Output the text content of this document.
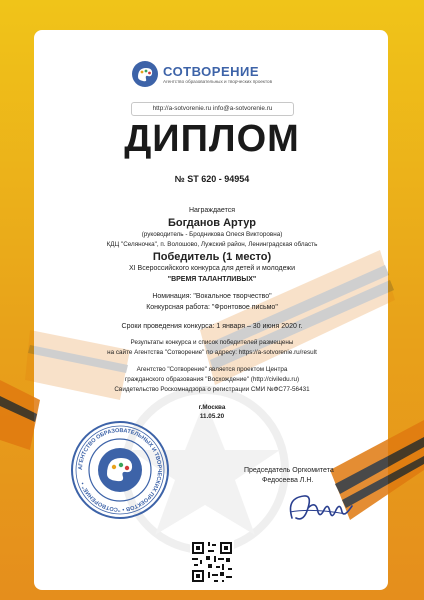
СОТВОРЕНИЕ
Агентство образовательных и творческих проектов
http://a-sotvorenie.ru info@a-sotvorenie.ru
ДИПЛОМ
№ ST 620 - 94954
Награждается
Богданов Артур
(руководитель - Бродникова Олеся Викторовна)
КДЦ "Селяночка", п. Волошово, Лужский район, Ленинградская область
Победитель (1 место)
XI Всероссийского конкурса для детей и молодежи
"ВРЕМЯ ТАЛАНТЛИВЫХ"
Номинация: "Вокальное творчество"
Конкурсная работа: "Фронтовое письмо"
Сроки проведения конкурса: 1 января – 30 июня 2020 г.
Результаты конкурса и список победителей размещены
на сайте Агентства "Сотворение" по адресу: https://a-sotvorenie.ru/result
Агентство "Сотворение" является проектом Центра
гражданского образования "Восхождение" (http://civiledu.ru)
Свидетельство Роскомнадзора о регистрации СМИ №ФС77-56431
г.Москва
11.05.20
АГЕНТСТВО ОБРАЗОВАТЕЛЬНЫХ И ТВОРЧЕСКИХ ПРОЕКТОВ • "СОТВОРЕНИЕ" •
Председатель Оргкомитета
Федосеева Л.Н.
